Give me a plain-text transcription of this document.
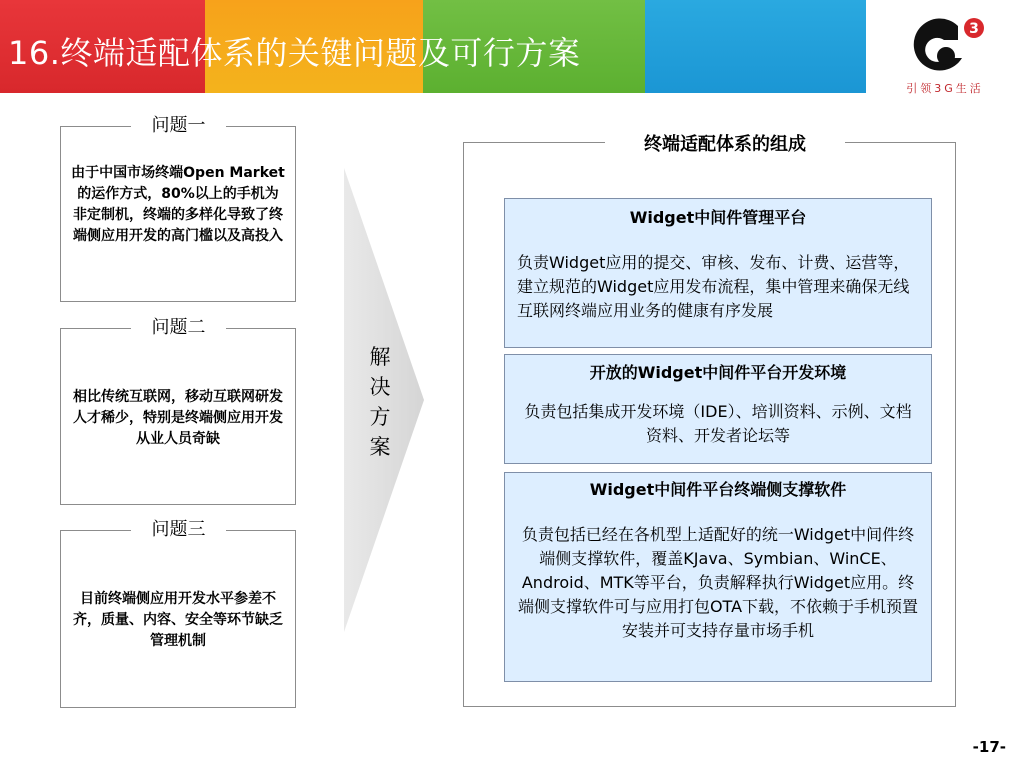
16.终端适配体系的关键问题及可行方案
3
引领3G生活
问题一
由于中国市场终端Open Market的运作方式，80%以上的手机为非定制机，终端的多样化导致了终端侧应用开发的高门槛以及高投入
问题二
相比传统互联网，移动互联网研发人才稀少，特别是终端侧应用开发从业人员奇缺
问题三
目前终端侧应用开发水平参差不齐，质量、内容、安全等环节缺乏管理机制
解
决
方
案
终端适配体系的组成
Widget中间件管理平台
负责Widget应用的提交、审核、发布、计费、运营等，建立规范的Widget应用发布流程，集中管理来确保无线互联网终端应用业务的健康有序发展
开放的Widget中间件平台开发环境
负责包括集成开发环境（IDE）、培训资料、示例、文档资料、开发者论坛等
Widget中间件平台终端侧支撑软件
负责包括已经在各机型上适配好的统一Widget中间件终端侧支撑软件，覆盖KJava、Symbian、WinCE、Android、MTK等平台，负责解释执行Widget应用。终端侧支撑软件可与应用打包OTA下载，不依赖于手机预置安装并可支持存量市场手机
-17-
